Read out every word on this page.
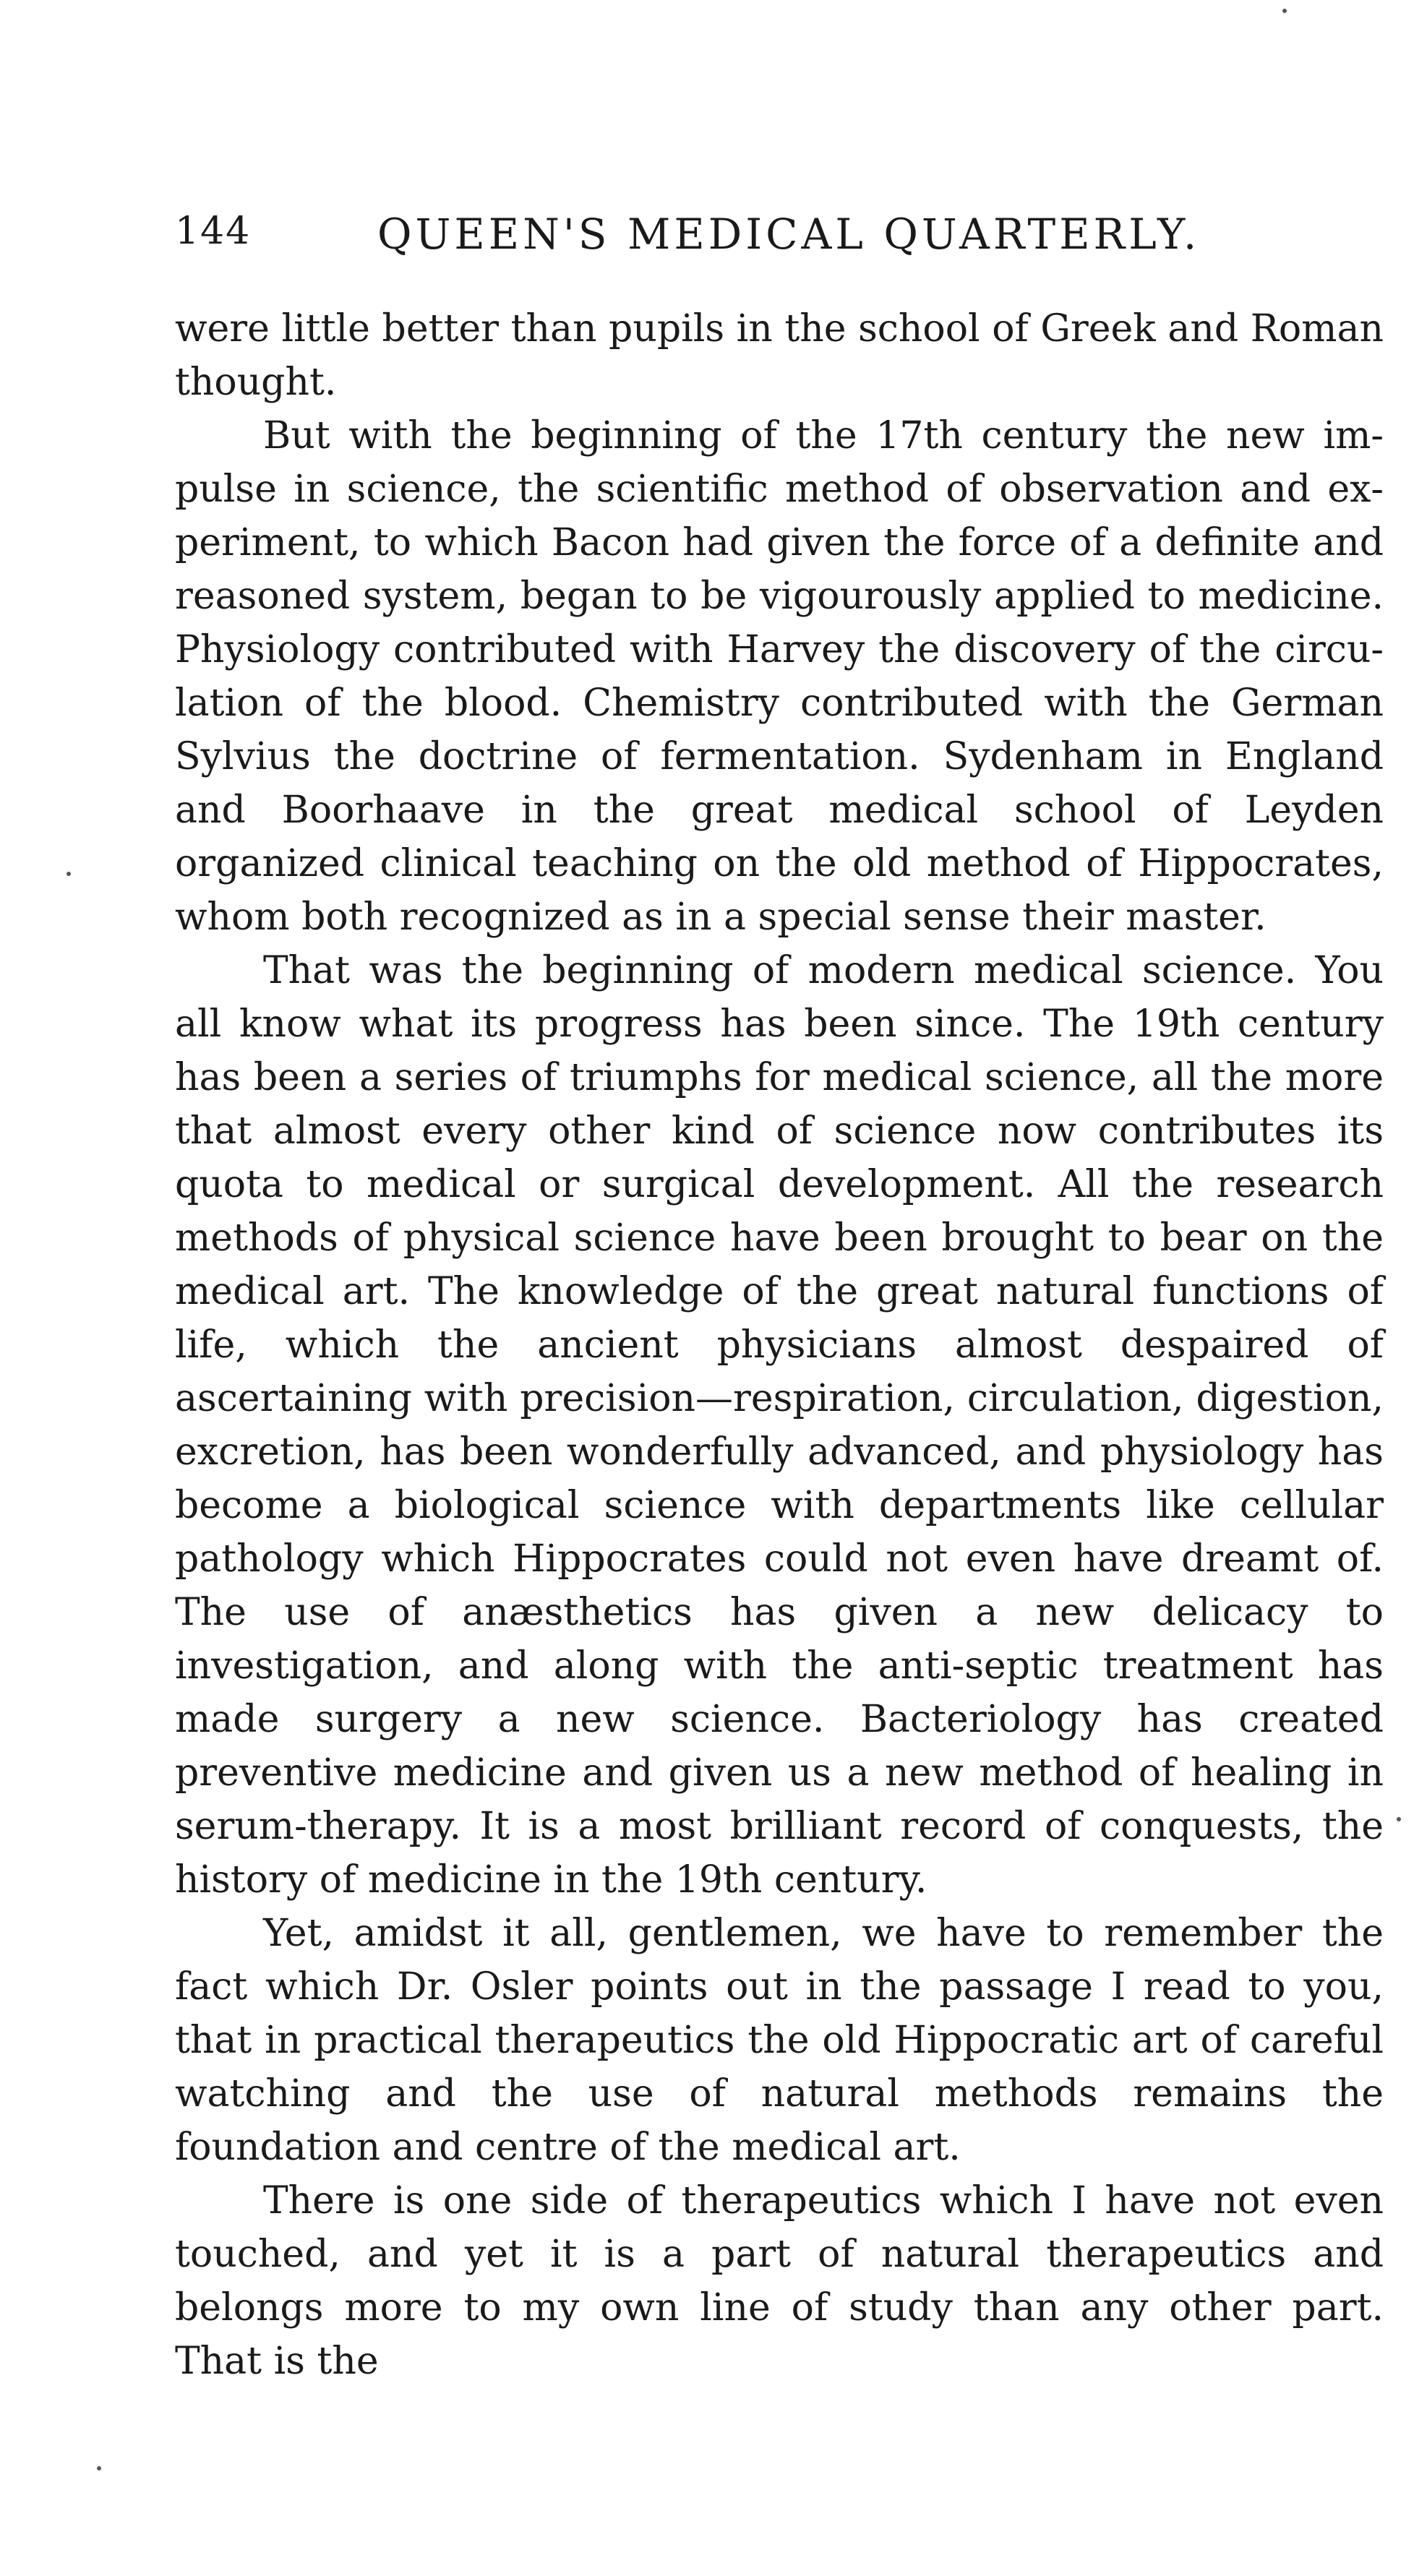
144	QUEEN'S MEDICAL QUARTERLY.

were little better than pupils in the school of Greek and Roman thought.

But with the beginning of the 17th century the new impulse in science, the scientific method of observation and experiment, to which Bacon had given the force of a definite and reasoned system, began to be vigourously applied to medicine. Physiology contributed with Harvey the discovery of the circulation of the blood. Chemistry contributed with the German Sylvius the doctrine of fermentation. Sydenham in England and Boorhaave in the great medical school of Leyden organized clinical teaching on the old method of Hippocrates, whom both recognized as in a special sense their master.

That was the beginning of modern medical science. You all know what its progress has been since. The 19th century has been a series of triumphs for medical science, all the more that almost every other kind of science now contributes its quota to medical or surgical development. All the research methods of physical science have been brought to bear on the medical art. The knowledge of the great natural functions of life, which the ancient physicians almost despaired of ascertaining with precision—respiration, circulation, digestion, excretion, has been wonderfully advanced, and physiology has become a biological science with departments like cellular pathology which Hippocrates could not even have dreamt of. The use of anæsthetics has given a new delicacy to investigation, and along with the anti-septic treatment has made surgery a new science. Bacteriology has created preventive medicine and given us a new method of healing in serum-therapy. It is a most brilliant record of conquests, the history of medicine in the 19th century.

Yet, amidst it all, gentlemen, we have to remember the fact which Dr. Osler points out in the passage I read to you, that in practical therapeutics the old Hippocratic art of careful watching and the use of natural methods remains the foundation and centre of the medical art.

There is one side of therapeutics which I have not even touched, and yet it is a part of natural therapeutics and belongs more to my own line of study than any other part. That is the
